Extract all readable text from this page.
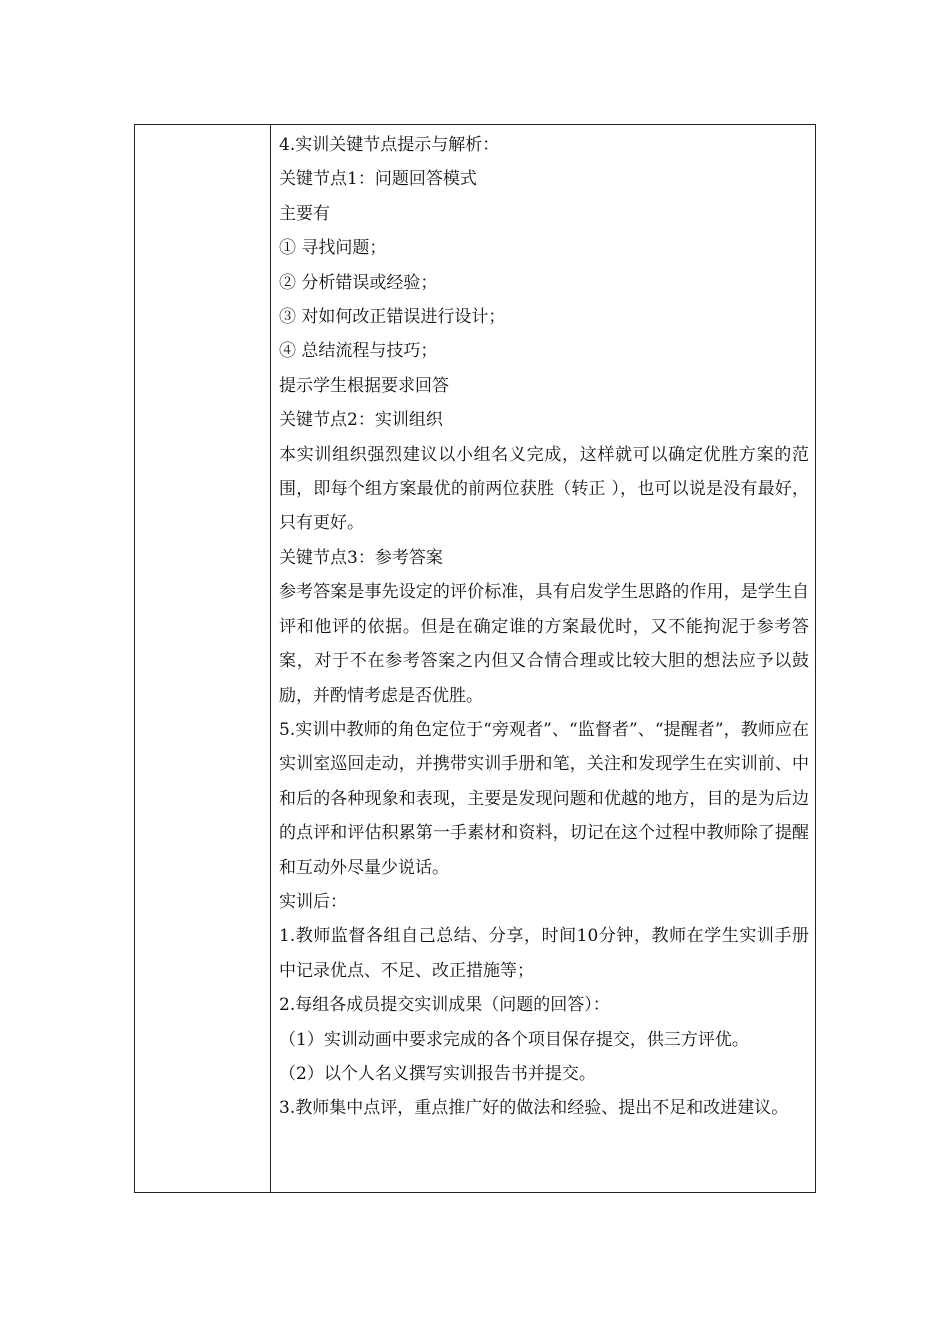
4.实训关键节点提示与解析：

关键节点1：问题回答模式

主要有

① 寻找问题；

② 分析错误或经验；

③ 对如何改正错误进行设计；

④ 总结流程与技巧；

提示学生根据要求回答

关键节点2：实训组织

本实训组织强烈建议以小组名义完成，这样就可以确定优胜方案的范围，即每个组方案最优的前两位获胜（转正 ），也可以说是没有最好，只有更好。

关键节点3：参考答案

参考答案是事先设定的评价标准，具有启发学生思路的作用，是学生自评和他评的依据。但是在确定谁的方案最优时，又不能拘泥于参考答案，对于不在参考答案之内但又合情合理或比较大胆的想法应予以鼓励，并酌情考虑是否优胜。

5.实训中教师的角色定位于“旁观者”、“监督者”、“提醒者”，教师应在实训室巡回走动，并携带实训手册和笔，关注和发现学生在实训前、中和后的各种现象和表现，主要是发现问题和优越的地方，目的是为后边的点评和评估积累第一手素材和资料，切记在这个过程中教师除了提醒和互动外尽量少说话。

实训后：

1.教师监督各组自己总结、分享，时间10分钟，教师在学生实训手册中记录优点、不足、改正措施等；

2.每组各成员提交实训成果（问题的回答）：

（1）实训动画中要求完成的各个项目保存提交，供三方评优。

（2）以个人名义撰写实训报告书并提交。

3.教师集中点评，重点推广好的做法和经验、提出不足和改进建议。
